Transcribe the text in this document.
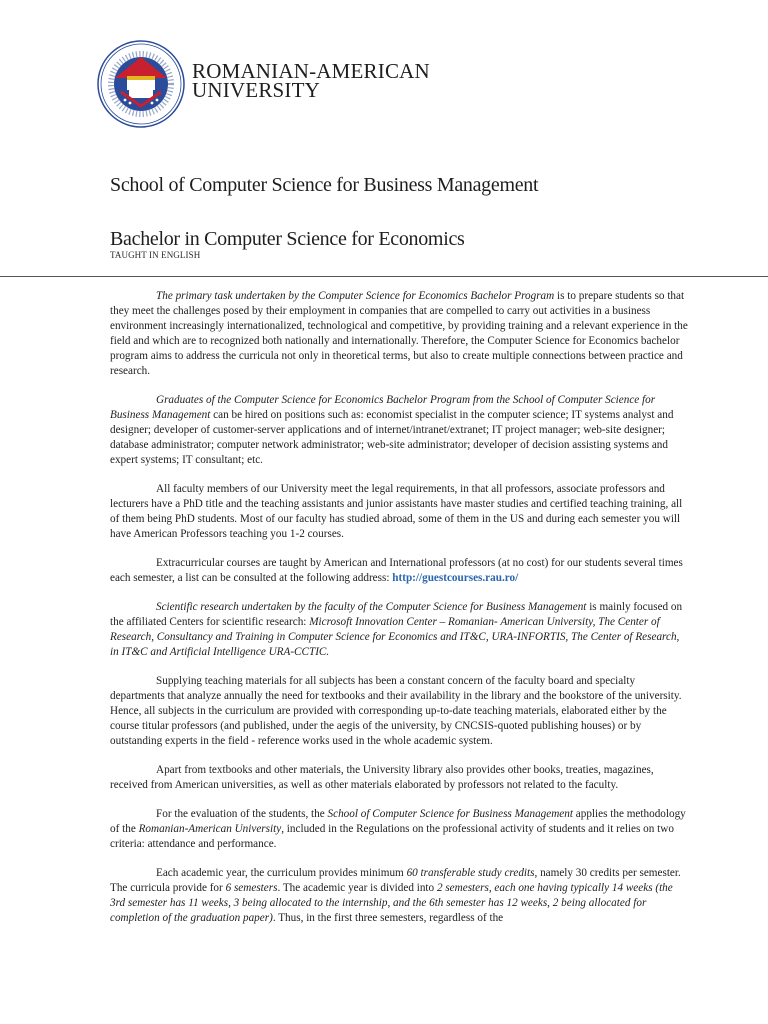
ROMANIAN-AMERICAN
UNIVERSITY
School of Computer Science for Business Management
Bachelor in Computer Science for Economics
TAUGHT IN ENGLISH

The primary task undertaken by the Computer Science for Economics Bachelor Program is to prepare students so that they meet the challenges posed by their employment in companies that are compelled to carry out activities in a business environment increasingly internationalized, technological and competitive, by providing training and a relevant experience in the field and which are to recognized both nationally and internationally. Therefore, the Computer Science for Economics bachelor program aims to address the curricula not only in theoretical terms, but also to create multiple connections between practice and research.

Graduates of the Computer Science for Economics Bachelor Program from the School of Computer Science for Business Management can be hired on positions such as: economist specialist in the computer science; IT systems analyst and designer; developer of customer-server applications and of internet/intranet/extranet; IT project manager; web-site designer; database administrator; computer network administrator; web-site administrator; developer of decision assisting systems and expert systems; IT consultant; etc.

All faculty members of our University meet the legal requirements, in that all professors, associate professors and lecturers have a PhD title and the teaching assistants and junior assistants have master studies and certified teaching training, all of them being PhD students. Most of our faculty has studied abroad, some of them in the US and during each semester you will have American Professors teaching you 1-2 courses.

Extracurricular courses are taught by American and International professors (at no cost) for our students several times each semester, a list can be consulted at the following address: http://guestcourses.rau.ro/

Scientific research undertaken by the faculty of the Computer Science for Business Management is mainly focused on the affiliated Centers for scientific research: Microsoft Innovation Center – Romanian- American University, The Center of Research, Consultancy and Training in Computer Science for Economics and IT&C, URA-INFORTIS, The Center of Research, in IT&C and Artificial Intelligence URA-CCTIC.

Supplying teaching materials for all subjects has been a constant concern of the faculty board and specialty departments that analyze annually the need for textbooks and their availability in the library and the bookstore of the university. Hence, all subjects in the curriculum are provided with corresponding up-to-date teaching materials, elaborated either by the course titular professors (and published, under the aegis of the university, by CNCSIS-quoted publishing houses) or by outstanding experts in the field - reference works used in the whole academic system.

Apart from textbooks and other materials, the University library also provides other books, treaties, magazines, received from American universities, as well as other materials elaborated by professors not related to the faculty.

For the evaluation of the students, the School of Computer Science for Business Management applies the methodology of the Romanian-American University, included in the Regulations on the professional activity of students and it relies on two criteria: attendance and performance.

Each academic year, the curriculum provides minimum 60 transferable study credits, namely 30 credits per semester. The curricula provide for 6 semesters. The academic year is divided into 2 semesters, each one having typically 14 weeks (the 3rd semester has 11 weeks, 3 being allocated to the internship, and the 6th semester has 12 weeks, 2 being allocated for completion of the graduation paper). Thus, in the first three semesters, regardless of the
